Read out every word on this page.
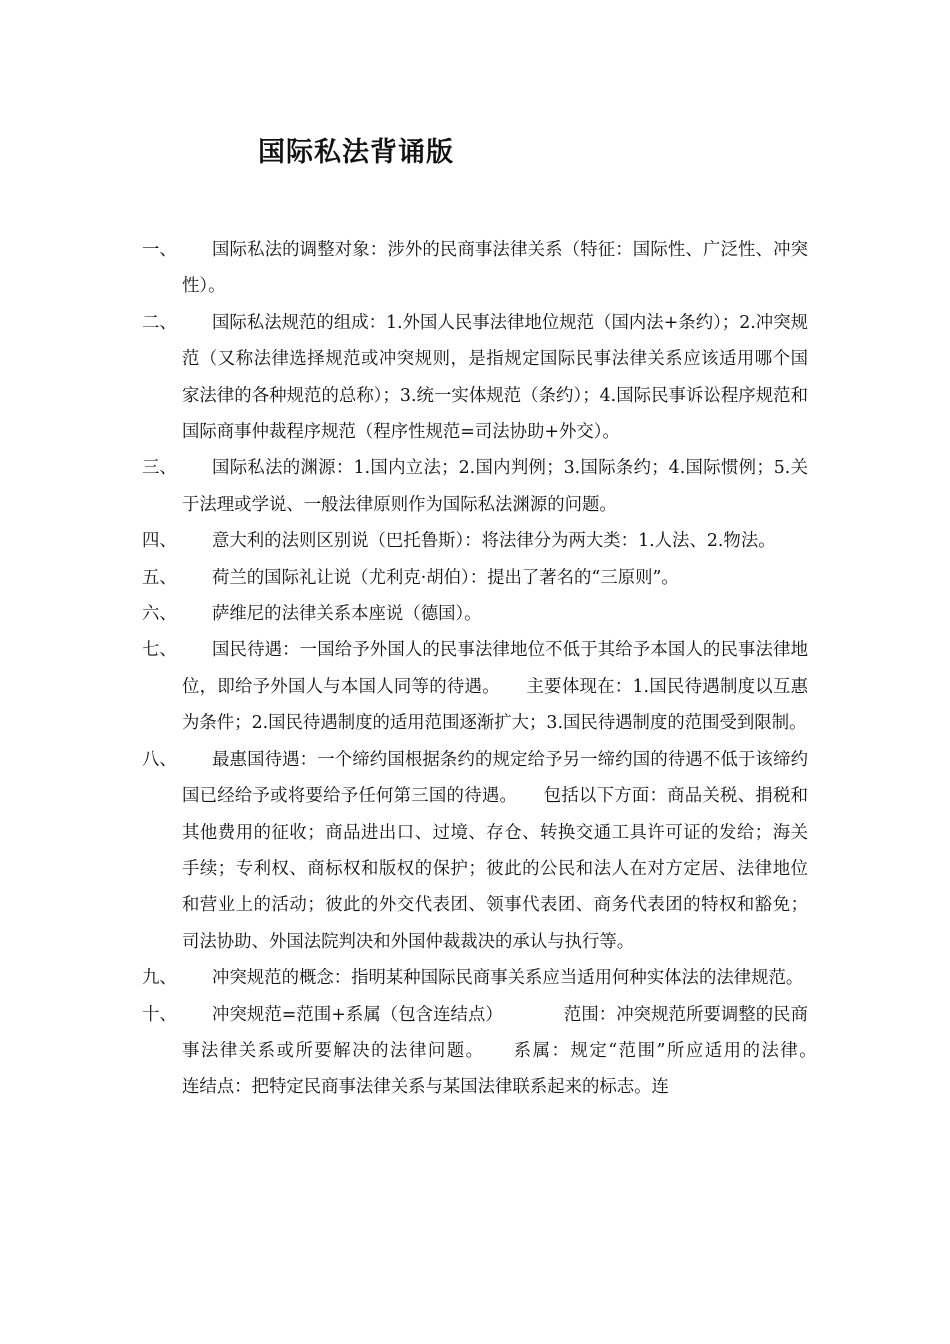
国际私法背诵版
一、	国际私法的调整对象：涉外的民商事法律关系（特征：国际性、广泛性、冲突性）。
二、	国际私法规范的组成：1.外国人民事法律地位规范（国内法+条约）；2.冲突规范（又称法律选择规范或冲突规则，是指规定国际民事法律关系应该适用哪个国家法律的各种规范的总称）；3.统一实体规范（条约）；4.国际民事诉讼程序规范和国际商事仲裁程序规范（程序性规范=司法协助+外交）。
三、	国际私法的渊源：1.国内立法；2.国内判例；3.国际条约；4.国际惯例；5.关于法理或学说、一般法律原则作为国际私法渊源的问题。
四、	意大利的法则区别说（巴托鲁斯）：将法律分为两大类：1.人法、2.物法。
五、	荷兰的国际礼让说（尤利克·胡伯）：提出了著名的“三原则”。
六、	萨维尼的法律关系本座说（德国）。
七、	国民待遇：一国给予外国人的民事法律地位不低于其给予本国人的民事法律地位，即给予外国人与本国人同等的待遇。　　主要体现在：1.国民待遇制度以互惠为条件；2.国民待遇制度的适用范围逐渐扩大；3.国民待遇制度的范围受到限制。
八、	最惠国待遇：一个缔约国根据条约的规定给予另一缔约国的待遇不低于该缔约国已经给予或将要给予任何第三国的待遇。　　包括以下方面：商品关税、捐税和其他费用的征收；商品进出口、过境、存仓、转换交通工具许可证的发给；海关手续；专利权、商标权和版权的保护；彼此的公民和法人在对方定居、法律地位和营业上的活动；彼此的外交代表团、领事代表团、商务代表团的特权和豁免；司法协助、外国法院判决和外国仲裁裁决的承认与执行等。
九、	冲突规范的概念：指明某种国际民商事关系应当适用何种实体法的法律规范。
十、	冲突规范=范围+系属（包含连结点）　　　　范围：冲突规范所要调整的民商事法律关系或所要解决的法律问题。　　系属：规定“范围”所应适用的法律。　　连结点：把特定民商事法律关系与某国法律联系起来的标志。连
